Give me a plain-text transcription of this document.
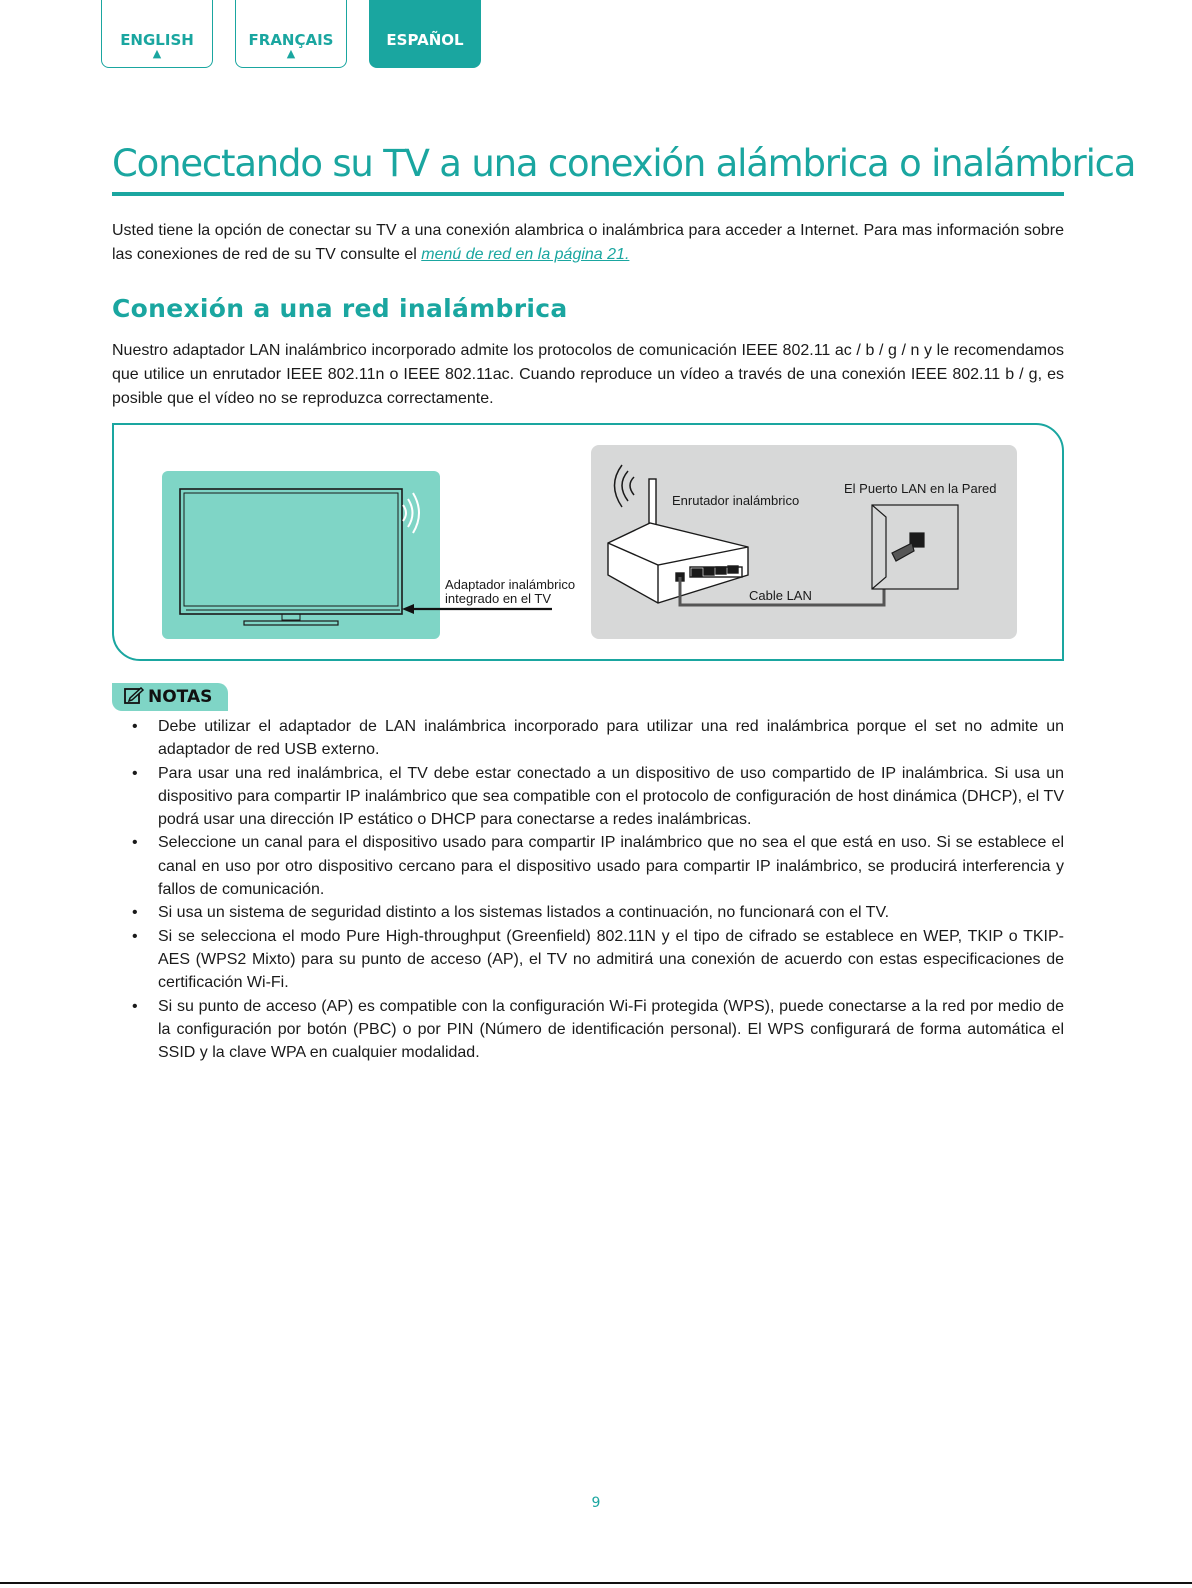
ENGLISH
▲
FRANÇAIS
▲
ESPAÑOL
Conectando su TV a una conexión alámbrica o inalámbrica

Usted tiene la opción de conectar su TV a una conexión alambrica o inalámbrica para acceder a Internet. Para mas información sobre las conexiones de red de su TV consulte el menú de red en la página 21.

Conexión a una red inalámbrica

Nuestro adaptador LAN inalámbrico incorporado admite los protocolos de comunicación IEEE 802.11 ac / b / g / n y le recomendamos que utilice un enrutador IEEE 802.11n o IEEE 802.11ac. Cuando reproduce un vídeo a través de una conexión IEEE 802.11 b / g, es posible que el vídeo no se reproduzca correctamente.

Adaptador inalámbrico
integrado en el TV
Enrutador inalámbrico
El Puerto LAN en la Pared
Cable LAN
NOTAS
• Debe utilizar el adaptador de LAN inalámbrica incorporado para utilizar una red inalámbrica porque el set no admite un adaptador de red USB externo.
• Para usar una red inalámbrica, el TV debe estar conectado a un dispositivo de uso compartido de IP inalámbrica. Si usa un dispositivo para compartir IP inalámbrico que sea compatible con el protocolo de configuración de host dinámica (DHCP), el TV podrá usar una dirección IP estático o DHCP para conectarse a redes inalámbricas.
• Seleccione un canal para el dispositivo usado para compartir IP inalámbrico que no sea el que está en uso. Si se establece el canal en uso por otro dispositivo cercano para el dispositivo usado para compartir IP inalámbrico, se producirá interferencia y fallos de comunicación.
• Si usa un sistema de seguridad distinto a los sistemas listados a continuación, no funcionará con el TV.
• Si se selecciona el modo Pure High-throughput (Greenfield) 802.11N y el tipo de cifrado se establece en WEP, TKIP o TKIP-AES (WPS2 Mixto) para su punto de acceso (AP), el TV no admitirá una conexión de acuerdo con estas especificaciones de certificación Wi-Fi.
• Si su punto de acceso (AP) es compatible con la configuración Wi-Fi protegida (WPS), puede conectarse a la red por medio de la configuración por botón (PBC) o por PIN (Número de identificación personal). El WPS configurará de forma automática el SSID y la clave WPA en cualquier modalidad.
9
